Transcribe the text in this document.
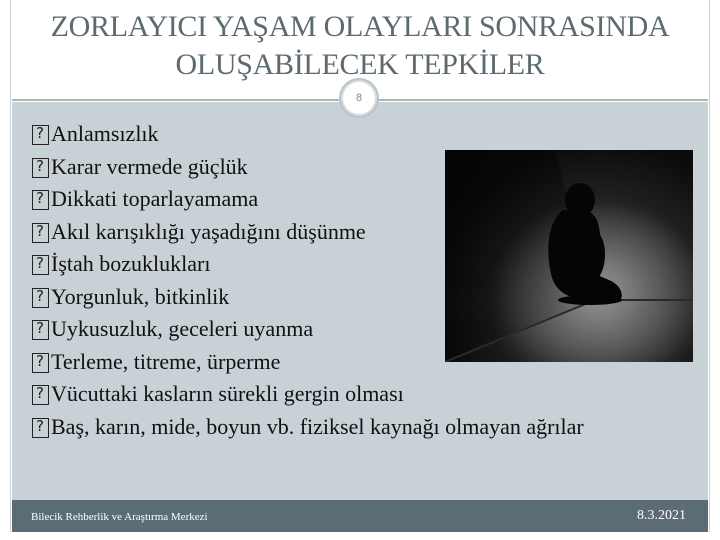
ZORLAYICI YAŞAM OLAYLARI SONRASINDA
OLUŞABİLECEK TEPKİLER
8
?
Anlamsızlık
?
Karar vermede güçlük
?
Dikkati toparlayamama
?
Akıl karışıklığı yaşadığını düşünme
?
İştah bozuklukları
?
Yorgunluk, bitkinlik
?
Uykusuzluk, geceleri uyanma
?
Terleme, titreme, ürperme
?
Vücuttaki kasların sürekli gergin olması
?
Baş, karın, mide, boyun vb. fiziksel kaynağı olmayan ağrılar
Bilecik Rehberlik ve Araştırma Merkezi	8.3.2021
